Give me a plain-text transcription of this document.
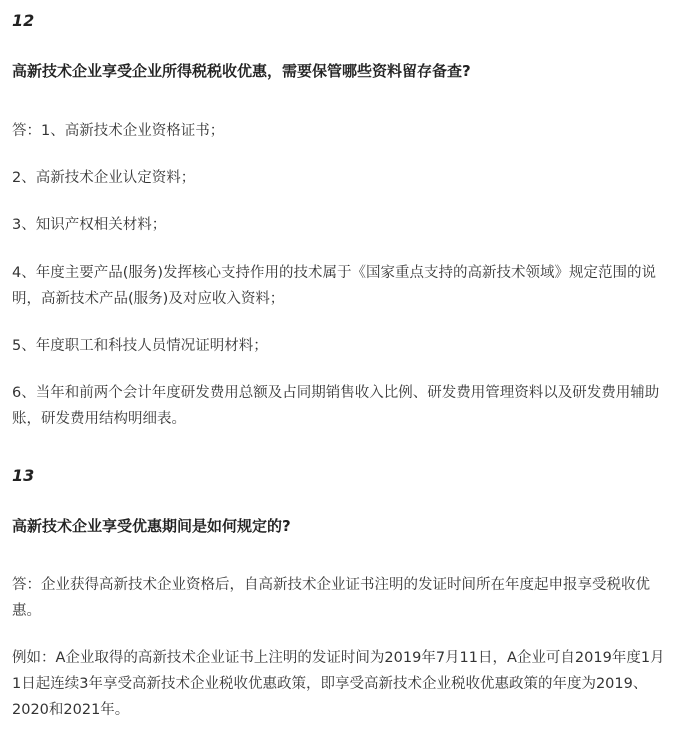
12
高新技术企业享受企业所得税税收优惠，需要保管哪些资料留存备查?
答：1、高新技术企业资格证书；
2、高新技术企业认定资料；
3、知识产权相关材料；
4、年度主要产品(服务)发挥核心支持作用的技术属于《国家重点支持的高新技术领域》规定范围的说明，高新技术产品(服务)及对应收入资料；
5、年度职工和科技人员情况证明材料；
6、当年和前两个会计年度研发费用总额及占同期销售收入比例、研发费用管理资料以及研发费用辅助账，研发费用结构明细表。
13
高新技术企业享受优惠期间是如何规定的?
答：企业获得高新技术企业资格后，自高新技术企业证书注明的发证时间所在年度起申报享受税收优惠。
例如：A企业取得的高新技术企业证书上注明的发证时间为2019年7月11日，A企业可自2019年度1月1日起连续3年享受高新技术企业税收优惠政策，即享受高新技术企业税收优惠政策的年度为2019、2020和2021年。
